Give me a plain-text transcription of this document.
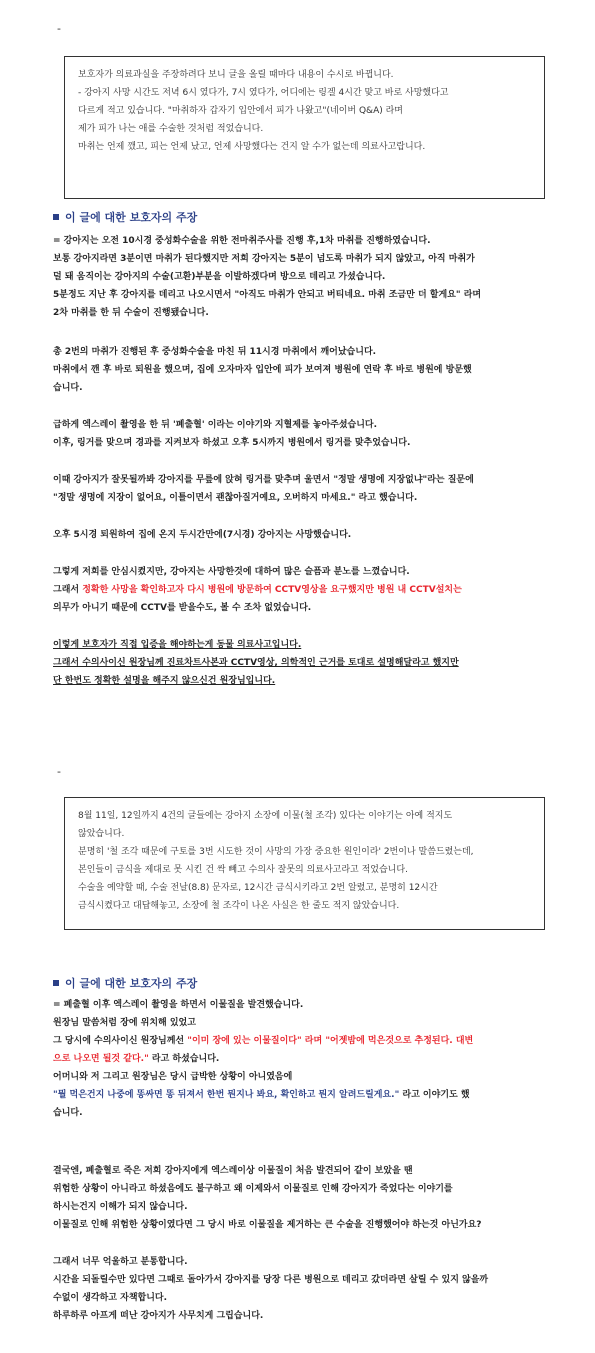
-

보호자가 의료과실을 주장하려다 보니 글을 올릴 때마다 내용이 수시로 바뀝니다.

- 강아지 사망 시간도 저녁 6시 였다가, 7시 였다가, 어디에는 링겔 4시간 맞고 바로 사망했다고

다르게 적고 있습니다. "마취하자 갑자기 입안에서 피가 나왔고"(네이버 Q&A) 라며

제가 피가 나는 애를 수술한 것처럼 적었습니다.

마취는 언제 깼고, 피는 언제 났고, 언제 사망했다는 건지 알 수가 없는데 의료사고랍니다.

이 글에 대한 보호자의 주장

= 강아지는 오전 10시경 중성화수술을 위한 전마취주사를 진행 후,1차 마취를 진행하였습니다.

보통 강아지라면 3분이면 마취가 된다했지만 저희 강아지는 5분이 넘도록 마취가 되지 않았고, 아직 마취가

덜 돼 움직이는 강아지의 수술(고환)부분을 이발하겠다며 방으로 데리고 가셨습니다.

5분정도 지난 후 강아지를 데리고 나오시면서 "아직도 마취가 안되고 버티네요. 마취 조금만 더 할게요" 라며

2차 마취를 한 뒤 수술이 진행됐습니다.

총 2번의 마취가 진행된 후 중성화수술을 마친 뒤 11시경 마취에서 깨어났습니다.

마취에서 깬 후 바로 퇴원을 했으며, 집에 오자마자 입안에 피가 보여져 병원에 연락 후 바로 병원에 방문했

습니다.

급하게 엑스레이 촬영을 한 뒤 '폐출혈' 이라는 이야기와 지혈제를 놓아주셨습니다.

이후, 링거를 맞으며 경과를 지켜보자 하셨고 오후 5시까지 병원에서 링거를 맞추었습니다.

이때 강아지가 잘못될까봐 강아지를 무릎에 앉혀 링거를 맞추며 울면서 "정말 생명에 지장없냐"라는 질문에

"정말 생명에 지장이 없어요, 이틀이면서 괜찮아질거예요, 오버하지 마세요." 라고 했습니다.

오후 5시경 퇴원하여 집에 온지 두시간만에(7시경) 강아지는 사망했습니다.

그렇게 저희를 안심시켰지만, 강아지는 사망한것에 대하여 많은 슬픔과 분노를 느꼈습니다.

그래서 정확한 사망을 확인하고자 다시 병원에 방문하여 CCTV영상을 요구했지만 병원 내 CCTV설치는

의무가 아니기 때문에 CCTV를 받을수도, 볼 수 조차 없었습니다.

이렇게 보호자가 직접 입증을 해야하는게 동물 의료사고입니다.

그래서 수의사이신 원장님께 진료차트사본과 CCTV영상, 의학적인 근거를 토대로 설명해달라고 했지만

단 한번도 정확한 설명을 해주지 않으신건 원장님입니다.

-

8월 11일, 12일까지 4건의 글들에는 강아지 소장에 이물(철 조각) 있다는 이야기는 아예 적지도

않았습니다.

분명히 '철 조각 때문에 구토를 3번 시도한 것이 사망의 가장 중요한 원인이라' 2번이나 말씀드렸는데,

본인들이 금식을 제대로 못 시킨 건 싹 빼고 수의사 잘못의 의료사고라고 적었습니다.

수술을 예약할 때, 수술 전날(8.8) 문자로, 12시간 금식시키라고 2번 알렸고, 분명히 12시간

금식시켰다고 대답해놓고, 소장에 철 조각이 나온 사실은 한 줄도 적지 않았습니다.

이 글에 대한 보호자의 주장

= 폐출혈 이후 엑스레이 촬영을 하면서 이물질을 발견했습니다.

원장님 말씀처럼 장에 위치해 있었고

그 당시에 수의사이신 원장님께선 "이미 장에 있는 이물질이다" 라며 "어젯밤에 먹은것으로 추정된다. 대변

으로 나오면 될것 같다." 라고 하셨습니다.

어머니와 저 그리고 원장님은 당시 급박한 상황이 아니였음에

"뭘 먹은건지 나중에 똥싸면 똥 뒤져서 한번 뭔지나 봐요, 확인하고 뭔지 알려드릴게요." 라고 이야기도 했

습니다.

결국엔, 폐출혈로 죽은 저희 강아지에게 엑스레이상 이물질이 처음 발견되어 같이 보았을 땐

위험한 상황이 아니라고 하셨음에도 불구하고 왜 이제와서 이물질로 인해 강아지가 죽었다는 이야기를

하시는건지 이해가 되지 않습니다.

이물질로 인해 위험한 상황이였다면 그 당시 바로 이물질을 제거하는 큰 수술을 진행했어야 하는것 아닌가요?

그래서 너무 억울하고 분통합니다.

시간을 되돌릴수만 있다면 그때로 돌아가서 강아지를 당장 다른 병원으로 데리고 갔더라면 살릴 수 있지 않을까

수없이 생각하고 자책합니다.

하루하루 아프게 떠난 강아지가 사무치게 그립습니다.
